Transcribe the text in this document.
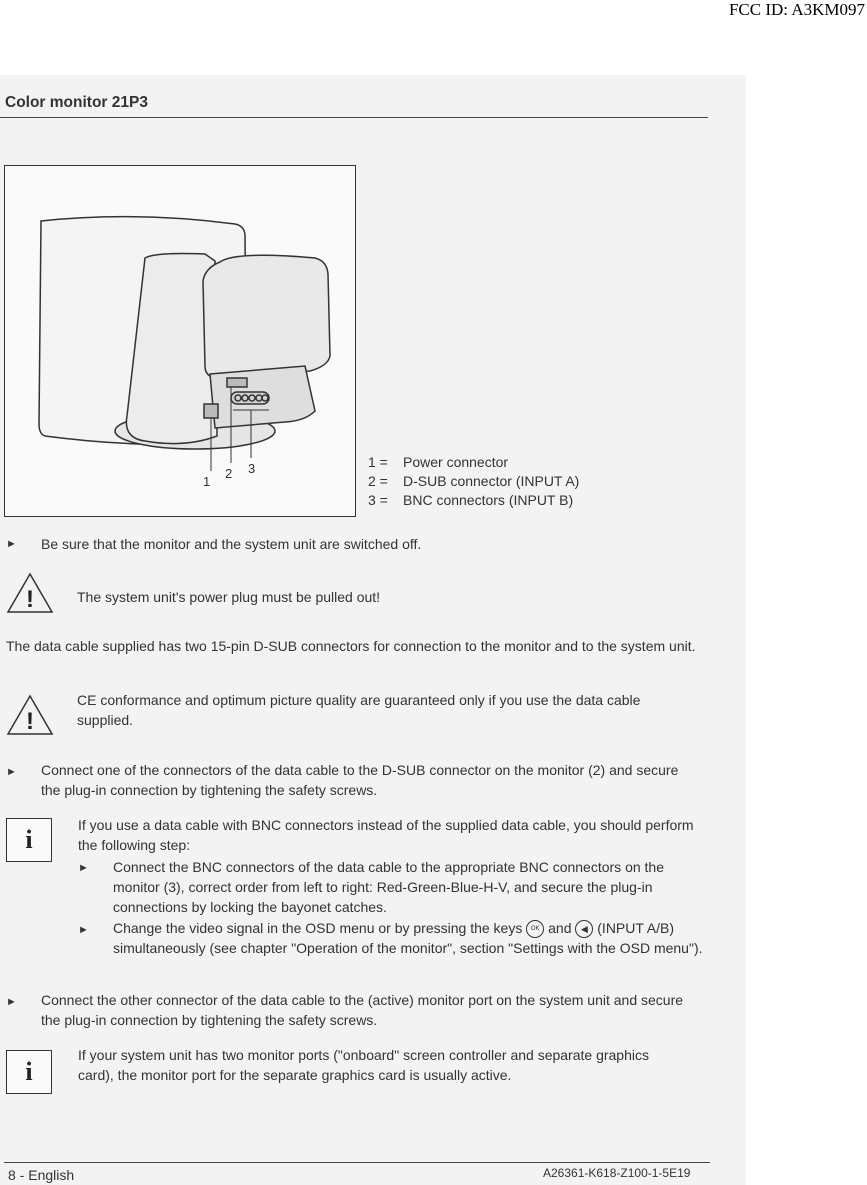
FCC ID: A3KM097
Color monitor 21P3
1
2 3	1 =	Power connector
2 =	D-SUB connector (INPUT A)
3 =	BNC connectors (INPUT B)
► Be sure that the monitor and the system unit are switched off.
!	The system unit's power plug must be pulled out!
The data cable supplied has two 15-pin D-SUB connectors for connection to the monitor and to the system unit.
!
CE conformance and optimum picture quality are guaranteed only if you use the data cable supplied.
► Connect one of the connectors of the data cable to the D-SUB connector on the monitor (2) and secure the plug-in connection by tightening the safety screws.
i	If you use a data cable with BNC connectors instead of the supplied data cable, you should perform the following step:
► Connect the BNC connectors of the data cable to the appropriate BNC connectors on the monitor (3), correct order from left to right: Red-Green-Blue-H-V, and secure the plug-in connections by locking the bayonet catches.
► Change the video signal in the OSD menu or by pressing the keys OK and ◀ (INPUT A/B) simultaneously (see chapter "Operation of the monitor", section "Settings with the OSD menu").
► Connect the other connector of the data cable to the (active) monitor port on the system unit and secure the plug-in connection by tightening the safety screws.
i
If your system unit has two monitor ports ("onboard" screen controller and separate graphics card), the monitor port for the separate graphics card is usually active.
8 - English	A26361-K618-Z100-1-5E19
